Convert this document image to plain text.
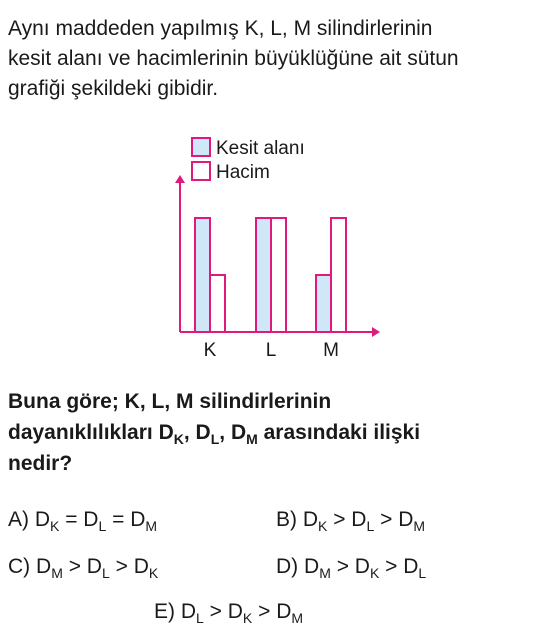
Aynı maddeden yapılmış K, L, M silindirlerinin
kesit alanı ve hacimlerinin büyüklüğüne ait sütun
grafiği şekildeki gibidir.
Kesit alanı
Hacim
K	L M
Buna göre; K, L, M silindirlerinin
dayanıklılıkları $D_K$, $D_L$, $D_M$ arasındaki ilişki
nedir?
A) $D_K = D_L = D_M$	B) $D_K > D_L > D_M$
C) $D_M > D_L > D_K$	D) $D_M > D_K > D_L$
E) $D_L > D_K > D_M$
